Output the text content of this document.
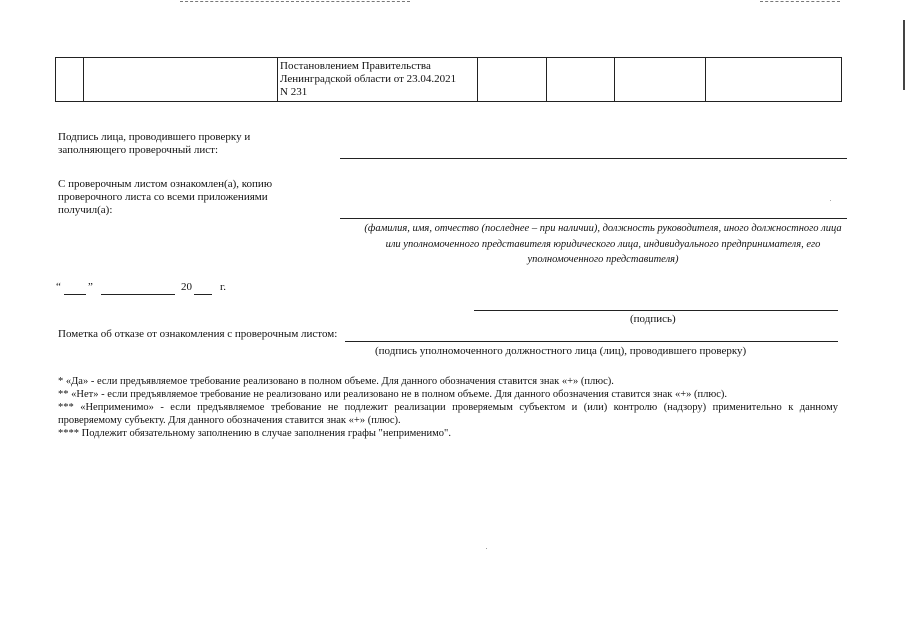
Постановлением Правительства Ленинградской области от 23.04.2021 N 231
Подпись лица, проводившего проверку и заполняющего проверочный лист:
С проверочным листом ознакомлен(а), копию проверочного листа со всеми приложениями получил(а):
(фамилия, имя, отчество (последнее – при наличии), должность руководителя, иного должностного лица или уполномоченного представителя юридического лица, индивидуального предпринимателя, его уполномоченного представителя)
“ ”	20	г.
(подпись)
Пометка об отказе от ознакомления с проверочным листом:
(подпись уполномоченного должностного лица (лиц), проводившего проверку)

* «Да» - если предъявляемое требование реализовано в полном объеме. Для данного обозначения ставится знак «+» (плюс).

** «Нет» - если предъявляемое требование не реализовано или реализовано не в полном объеме. Для данного обозначения ставится знак «+» (плюс).

*** «Неприменимо» - если предъявляемое требование не подлежит реализации проверяемым субъектом и (или) контролю (надзору) применительно к данному проверяемому субъекту. Для данного обозначения ставится знак «+» (плюс).

**** Подлежит обязательному заполнению в случае заполнения графы "неприменимо".
